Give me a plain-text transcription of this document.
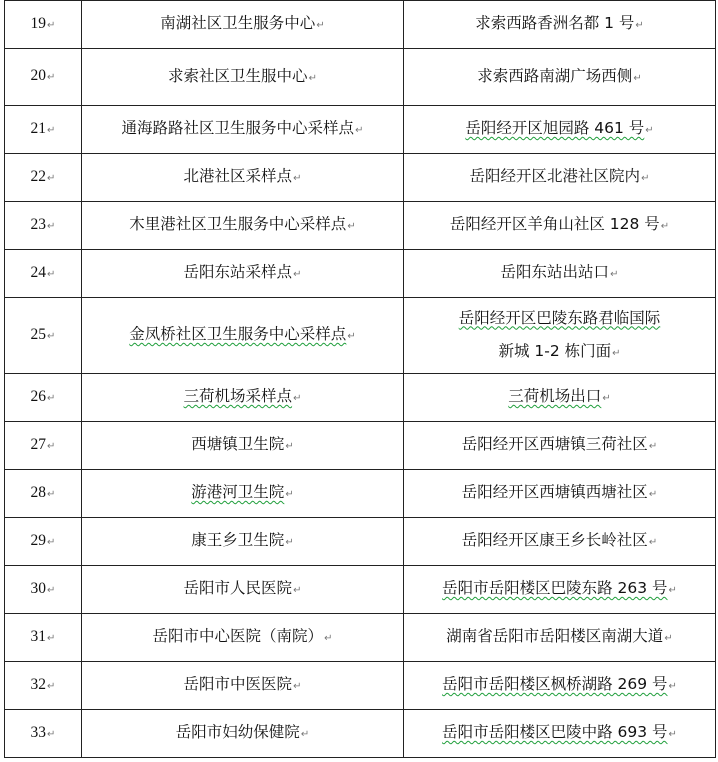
19↵	南湖社区卫生服务中心↵	求索西路香洲名都 1 号↵
20↵	求索社区卫生服中心↵	求索西路南湖广场西侧↵
21↵	通海路路社区卫生服务中心采样点↵	岳阳经开区旭园路 461 号↵
22↵	北港社区采样点↵	岳阳经开区北港社区院内↵
23↵	木里港社区卫生服务中心采样点↵	岳阳经开区羊角山社区 128 号↵
24↵	岳阳东站采样点↵	岳阳东站出站口↵
25↵	金凤桥社区卫生服务中心采样点↵	岳阳经开区巴陵东路君临国际
新城 1-2 栋门面↵
26↵	三荷机场采样点↵	三荷机场出口↵
27↵	西塘镇卫生院↵	岳阳经开区西塘镇三荷社区↵
28↵	游港河卫生院↵	岳阳经开区西塘镇西塘社区↵
29↵	康王乡卫生院↵	岳阳经开区康王乡长岭社区↵
30↵	岳阳市人民医院↵	岳阳市岳阳楼区巴陵东路 263 号↵
31↵	岳阳市中心医院（南院）↵	湖南省岳阳市岳阳楼区南湖大道↵
32↵	岳阳市中医医院↵	岳阳市岳阳楼区枫桥湖路 269 号↵
33↵	岳阳市妇幼保健院↵	岳阳市岳阳楼区巴陵中路 693 号↵
